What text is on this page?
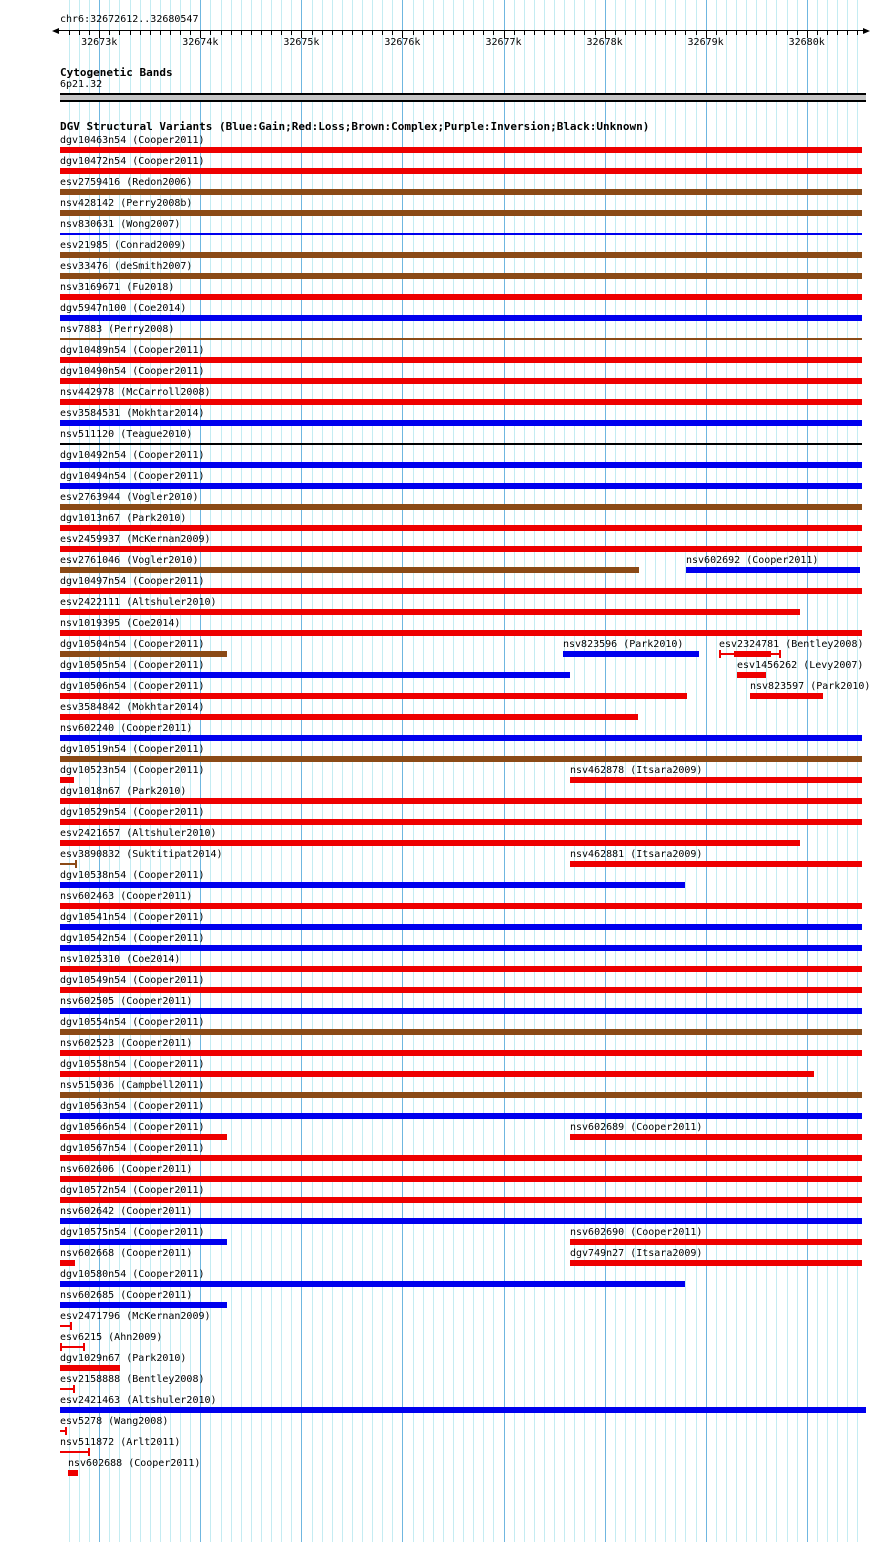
chr6:32672612..32680547
32673k	32674k	32675k	32676k	32677k	32678k	32679k	32680k
Cytogenetic Bands
6p21.32
DGV Structural Variants (Blue:Gain;Red:Loss;Brown:Complex;Purple:Inversion;Black:Unknown)
dgv10463n54 (Cooper2011)
dgv10472n54 (Cooper2011)
esv2759416 (Redon2006)
nsv428142 (Perry2008b)
nsv830631 (Wong2007)
esv21985 (Conrad2009)
esv33476 (deSmith2007)
nsv3169671 (Fu2018)
dgv5947n100 (Coe2014)
nsv7883 (Perry2008)
dgv10489n54 (Cooper2011)
dgv10490n54 (Cooper2011)
nsv442978 (McCarroll2008)
esv3584531 (Mokhtar2014)
nsv511120 (Teague2010)
dgv10492n54 (Cooper2011)
dgv10494n54 (Cooper2011)
esv2763944 (Vogler2010)
dgv1013n67 (Park2010)
esv2459937 (McKernan2009)
esv2761046 (Vogler2010)	nsv602692 (Cooper2011)
dgv10497n54 (Cooper2011)
esv2422111 (Altshuler2010)
nsv1019395 (Coe2014)
dgv10504n54 (Cooper2011)	nsv823596 (Park2010)	esv2324781 (Bentley2008)
dgv10505n54 (Cooper2011)	esv1456262 (Levy2007)
dgv10506n54 (Cooper2011)	nsv823597 (Park2010)
esv3584842 (Mokhtar2014)
nsv602240 (Cooper2011)
dgv10519n54 (Cooper2011)
dgv10523n54 (Cooper2011)	nsv462878 (Itsara2009)
dgv1018n67 (Park2010)
dgv10529n54 (Cooper2011)
esv2421657 (Altshuler2010)
esv3890832 (Suktitipat2014)	nsv462881 (Itsara2009)
dgv10538n54 (Cooper2011)
nsv602463 (Cooper2011)
dgv10541n54 (Cooper2011)
dgv10542n54 (Cooper2011)
nsv1025310 (Coe2014)
dgv10549n54 (Cooper2011)
nsv602505 (Cooper2011)
dgv10554n54 (Cooper2011)
nsv602523 (Cooper2011)
dgv10558n54 (Cooper2011)
nsv515036 (Campbell2011)
dgv10563n54 (Cooper2011)
dgv10566n54 (Cooper2011)	nsv602689 (Cooper2011)
dgv10567n54 (Cooper2011)
nsv602606 (Cooper2011)
dgv10572n54 (Cooper2011)
nsv602642 (Cooper2011)
dgv10575n54 (Cooper2011)	nsv602690 (Cooper2011)
nsv602668 (Cooper2011)	dgv749n27 (Itsara2009)
dgv10580n54 (Cooper2011)
nsv602685 (Cooper2011)
esv2471796 (McKernan2009)
esv6215 (Ahn2009)
dgv1029n67 (Park2010)
esv2158888 (Bentley2008)
esv2421463 (Altshuler2010)
esv5278 (Wang2008)
nsv511872 (Arlt2011)
nsv602688 (Cooper2011)
